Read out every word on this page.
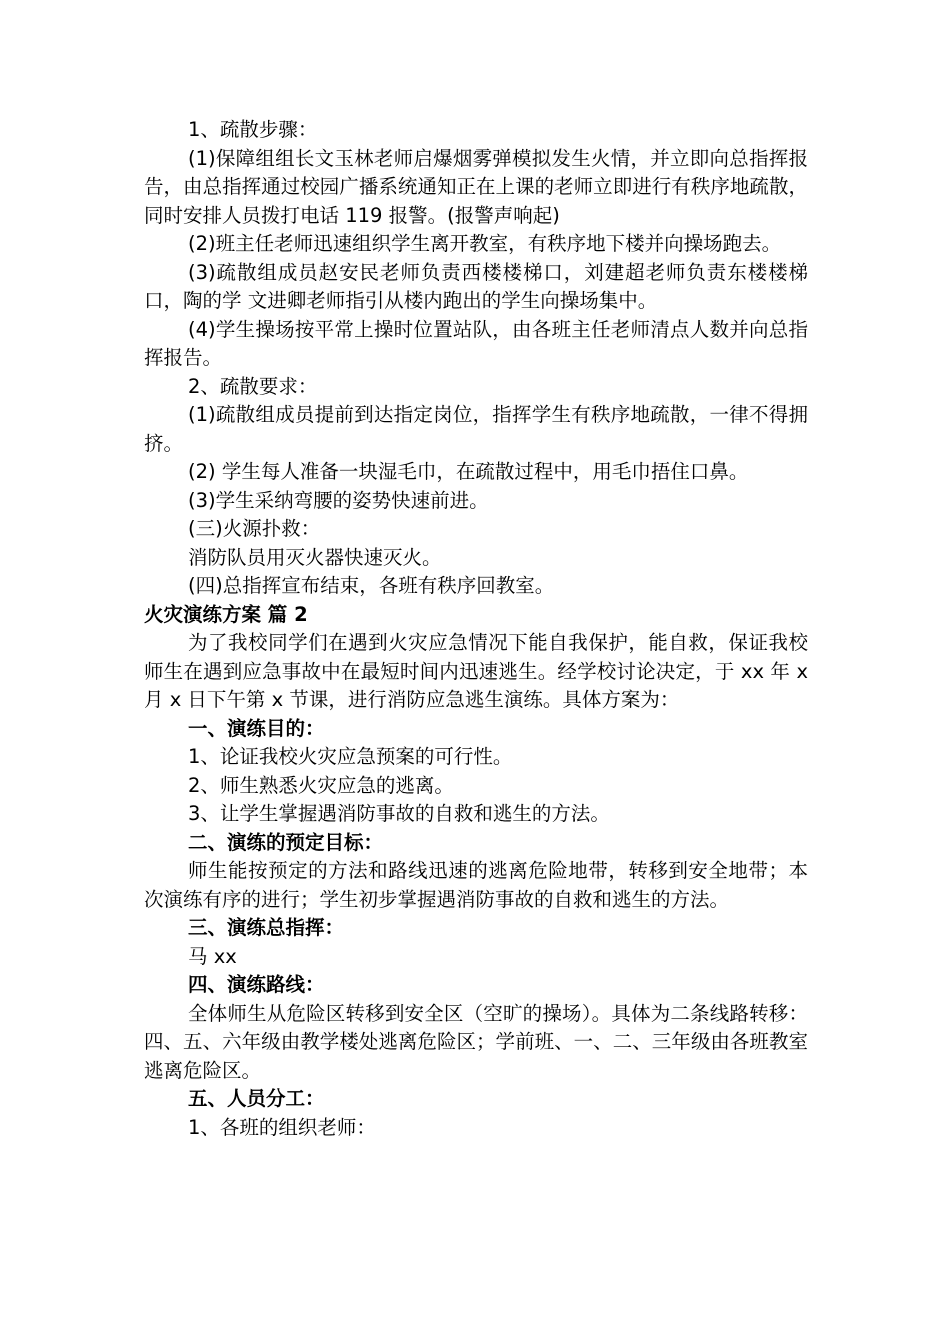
1、疏散步骤：

(1)保障组组长文玉林老师启爆烟雾弹模拟发生火情，并立即向总指挥报告，由总指挥通过校园广播系统通知正在上课的老师立即进行有秩序地疏散，同时安排人员拨打电话 119 报警。(报警声响起)

(2)班主任老师迅速组织学生离开教室，有秩序地下楼并向操场跑去。

(3)疏散组成员赵安民老师负责西楼楼梯口，刘建超老师负责东楼楼梯口，陶的学 文进卿老师指引从楼内跑出的学生向操场集中。

(4)学生操场按平常上操时位置站队，由各班主任老师清点人数并向总指挥报告。

2、疏散要求：

(1)疏散组成员提前到达指定岗位，指挥学生有秩序地疏散，一律不得拥挤。

(2) 学生每人准备一块湿毛巾，在疏散过程中，用毛巾捂住口鼻。

(3)学生采纳弯腰的姿势快速前进。

(三)火源扑救：

消防队员用灭火器快速灭火。

(四)总指挥宣布结束，各班有秩序回教室。

火灾演练方案 篇 2

为了我校同学们在遇到火灾应急情况下能自我保护，能自救，保证我校师生在遇到应急事故中在最短时间内迅速逃生。经学校讨论决定，于 xx 年 x 月 x 日下午第 x 节课，进行消防应急逃生演练。具体方案为：

一、演练目的：

1、论证我校火灾应急预案的可行性。

2、师生熟悉火灾应急的逃离。

3、让学生掌握遇消防事故的自救和逃生的方法。

二、演练的预定目标：

师生能按预定的方法和路线迅速的逃离危险地带，转移到安全地带；本次演练有序的进行；学生初步掌握遇消防事故的自救和逃生的方法。

三、演练总指挥：

马 xx

四、演练路线：

全体师生从危险区转移到安全区（空旷的操场）。具体为二条线路转移：四、五、六年级由教学楼处逃离危险区；学前班、一、二、三年级由各班教室逃离危险区。

五、人员分工：

1、各班的组织老师：
